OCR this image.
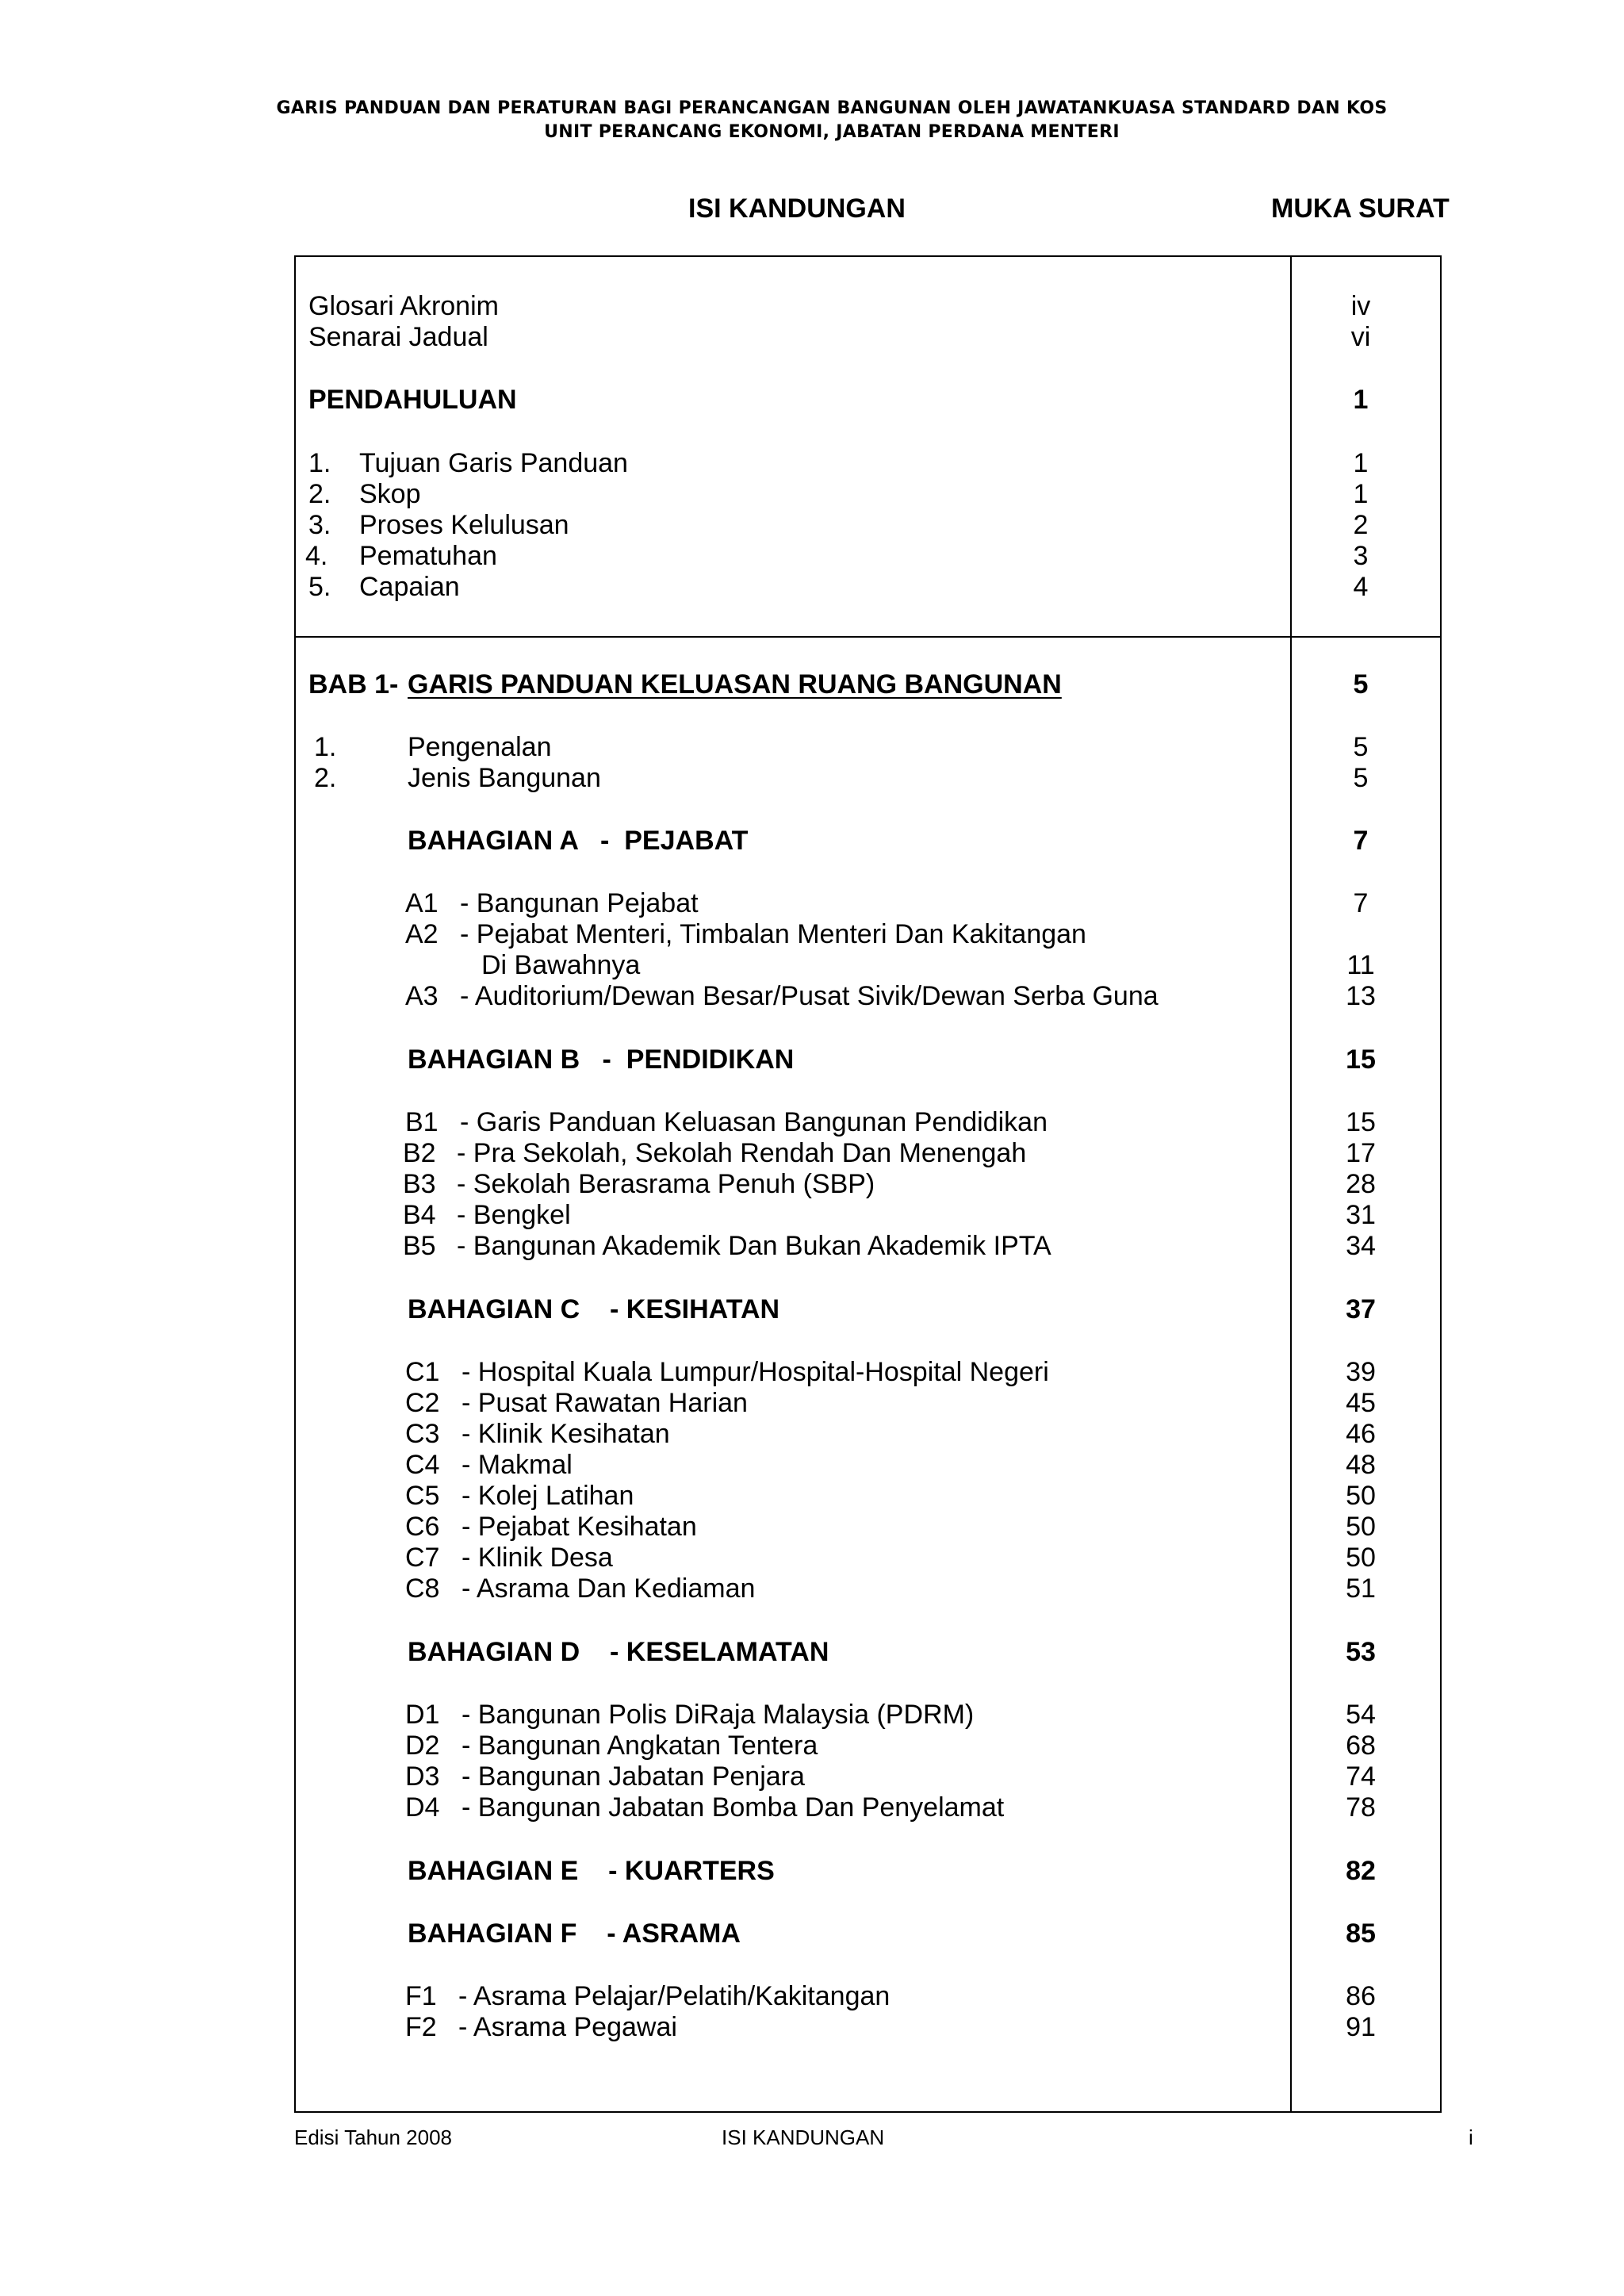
GARIS PANDUAN DAN PERATURAN BAGI PERANCANGAN BANGUNAN OLEH JAWATANKUASA STANDARD DAN KOS
UNIT PERANCANG EKONOMI, JABATAN PERDANA MENTERI
ISI KANDUNGAN	MUKA SURAT
Glosari Akronim	iv
Senarai Jadual	vi
PENDAHULUAN	1
1. Tujuan Garis Panduan	1
2. Skop	1
3. Proses Kelulusan	2
4. Pematuhan	3
5. Capaian	4
BAB 1- GARIS PANDUAN KELUASAN RUANG BANGUNAN	5
1.	Pengenalan	5
2.	Jenis Bangunan	5
BAHAGIAN A   -  PEJABAT	7
A1 - Bangunan Pejabat	7
A2 - Pejabat Menteri, Timbalan Menteri Dan Kakitangan
Di Bawahnya	11
A3 - Auditorium/Dewan Besar/Pusat Sivik/Dewan Serba Guna	13
BAHAGIAN B   -  PENDIDIKAN	15
B1 - Garis Panduan Keluasan Bangunan Pendidikan	15
B2 - Pra Sekolah, Sekolah Rendah Dan Menengah	17
B3 - Sekolah Berasrama Penuh (SBP)	28
B4 - Bengkel	31
B5 - Bangunan Akademik Dan Bukan Akademik IPTA	34
BAHAGIAN C    - KESIHATAN	37
C1 - Hospital Kuala Lumpur/Hospital-Hospital Negeri	39
C2 - Pusat Rawatan Harian	45
C3 - Klinik Kesihatan	46
C4 - Makmal	48
C5 - Kolej Latihan	50
C6 - Pejabat Kesihatan	50
C7 - Klinik Desa	50
C8 - Asrama Dan Kediaman	51
BAHAGIAN D    - KESELAMATAN	53
D1 - Bangunan Polis DiRaja Malaysia (PDRM)	54
D2 - Bangunan Angkatan Tentera	68
D3 - Bangunan Jabatan Penjara	74
D4 - Bangunan Jabatan Bomba Dan Penyelamat	78
BAHAGIAN E    - KUARTERS	82
BAHAGIAN F    - ASRAMA	85
F1 - Asrama Pelajar/Pelatih/Kakitangan	86
F2 - Asrama Pegawai	91
Edisi Tahun 2008	ISI KANDUNGAN	i
